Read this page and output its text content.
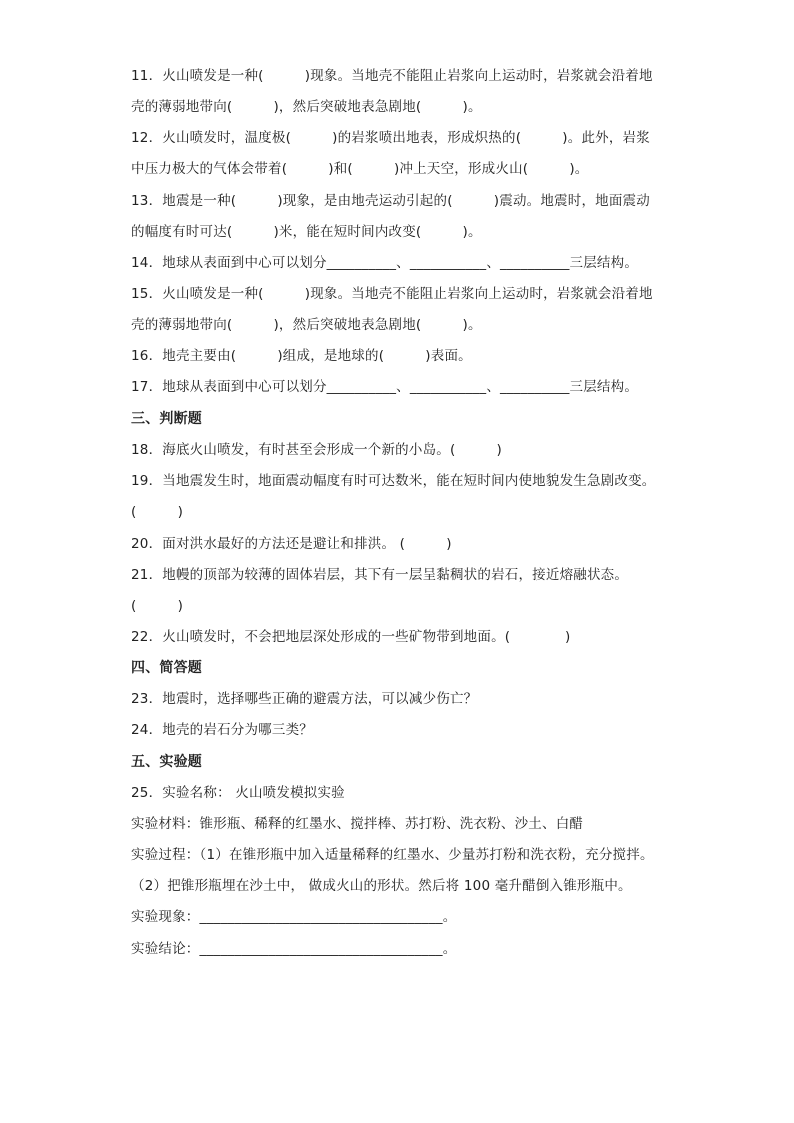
11．火山喷发是一种(　　　)现象。当地壳不能阻止岩浆向上运动时，岩浆就会沿着地
壳的薄弱地带向(　　　)，然后突破地表急剧地(　　　)。
12．火山喷发时，温度极(　　　)的岩浆喷出地表，形成炽热的(　　　)。此外，岩浆
中压力极大的气体会带着(　　　)和(　　　)冲上天空，形成火山(　　　)。
13．地震是一种(　　　)现象，是由地壳运动引起的(　　　)震动。地震时，地面震动
的幅度有时可达(　　　)米，能在短时间内改变(　　　)。
14．地球从表面到中心可以划分__________、___________、__________三层结构。
15．火山喷发是一种(　　　)现象。当地壳不能阻止岩浆向上运动时，岩浆就会沿着地
壳的薄弱地带向(　　　)，然后突破地表急剧地(　　　)。
16．地壳主要由(　　　)组成，是地球的(　　　)表面。
17．地球从表面到中心可以划分__________、___________、__________三层结构。
三、判断题
18．海底火山喷发，有时甚至会形成一个新的小岛。(　　　)
19．当地震发生时，地面震动幅度有时可达数米，能在短时间内使地貌发生急剧改变。
(　　　)
20．面对洪水最好的方法还是避让和排洪。 (　　　)
21．地幔的顶部为较薄的固体岩层，其下有一层呈黏稠状的岩石，接近熔融状态。
(　　　)
22．火山喷发时，不会把地层深处形成的一些矿物带到地面。(　　　　)
四、简答题
23．地震时，选择哪些正确的避震方法，可以减少伤亡？
24．地壳的岩石分为哪三类？
五、实验题
25．实验名称： 火山喷发模拟实验
实验材料：锥形瓶、稀释的红墨水、搅拌棒、苏打粉、洗衣粉、沙土、白醋
实验过程：（1）在锥形瓶中加入适量稀释的红墨水、少量苏打粉和洗衣粉，充分搅拌。
（2）把锥形瓶埋在沙土中， 做成火山的形状。然后将 100 毫升醋倒入锥形瓶中。
实验现象：___________________________________。
实验结论：___________________________________。
